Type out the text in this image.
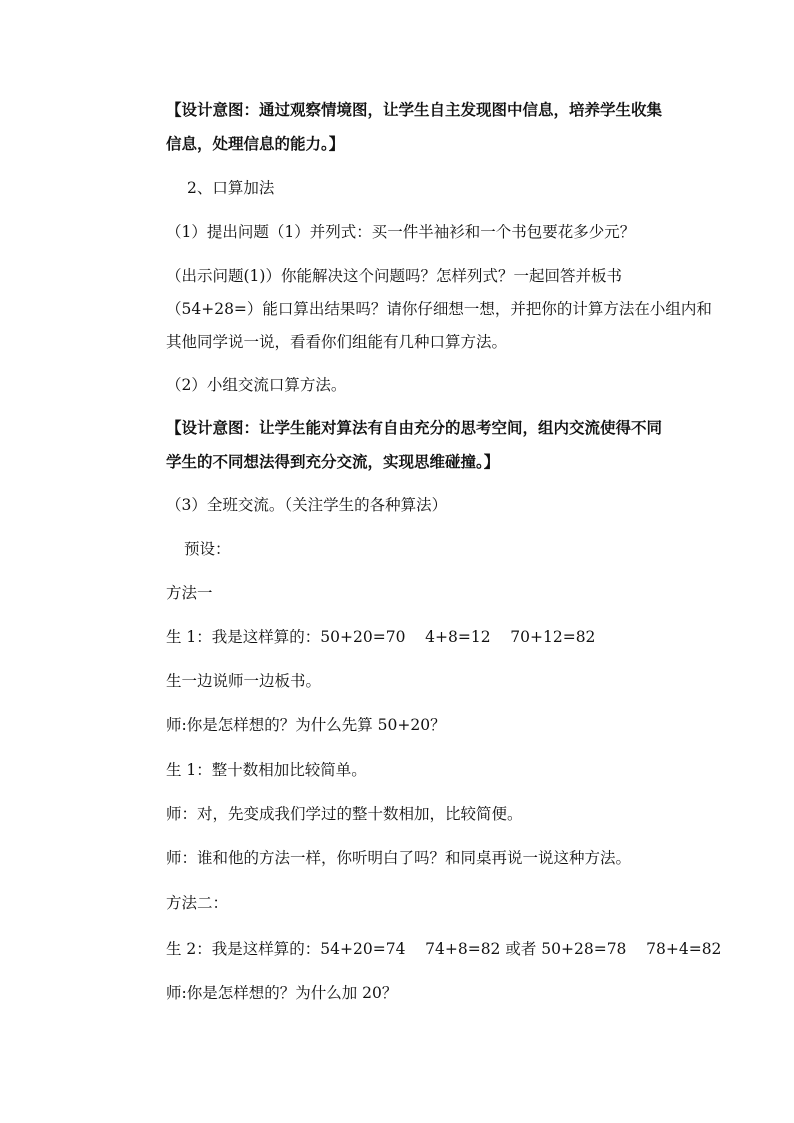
【设计意图：通过观察情境图，让学生自主发现图中信息，培养学生收集
信息，处理信息的能力。】
2、口算加法
（1）提出问题（1）并列式：买一件半袖衫和一个书包要花多少元？
（出示问题(1)）你能解决这个问题吗？怎样列式？一起回答并板书
（54+28=）能口算出结果吗？请你仔细想一想，并把你的计算方法在小组内和
其他同学说一说，看看你们组能有几种口算方法。
（2）小组交流口算方法。
【设计意图：让学生能对算法有自由充分的思考空间，组内交流使得不同
学生的不同想法得到充分交流，实现思维碰撞。】
（3）全班交流。（关注学生的各种算法）
预设：
方法一
生 1：我是这样算的：50+20=70    4+8=12    70+12=82
生一边说师一边板书。
师:你是怎样想的？为什么先算 50+20？
生 1：整十数相加比较简单。
师：对，先变成我们学过的整十数相加，比较简便。
师：谁和他的方法一样，你听明白了吗？和同桌再说一说这种方法。
方法二：
生 2：我是这样算的：54+20=74    74+8=82 或者 50+28=78    78+4=82
师:你是怎样想的？为什么加 20？
